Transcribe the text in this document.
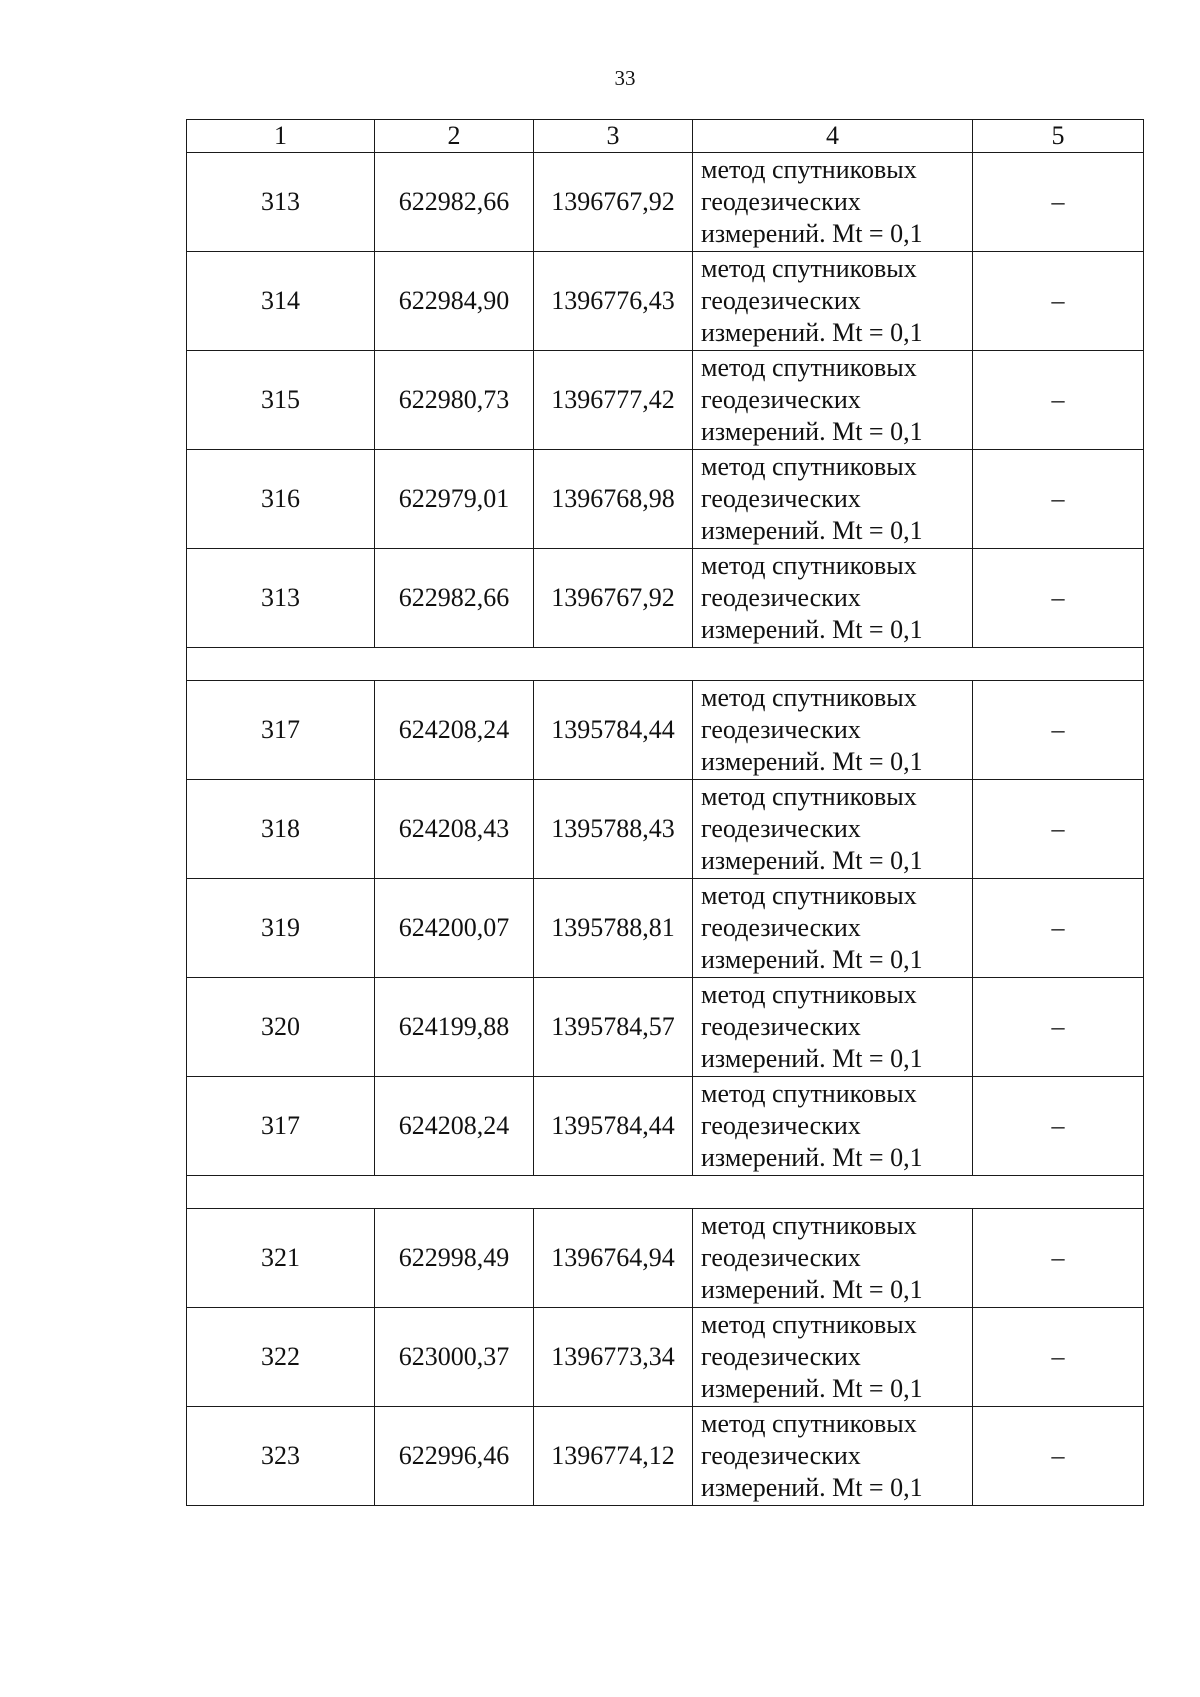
33
1	2	3	4	5
313	622982,66	1396767,92	метод спутниковых геодезических измерений. Mt = 0,1	–
314	622984,90	1396776,43	метод спутниковых геодезических измерений. Mt = 0,1	–
315	622980,73	1396777,42	метод спутниковых геодезических измерений. Mt = 0,1	–
316	622979,01	1396768,98	метод спутниковых геодезических измерений. Mt = 0,1	–
313	622982,66	1396767,92	метод спутниковых геодезических измерений. Mt = 0,1	–

317	624208,24	1395784,44	метод спутниковых геодезических измерений. Mt = 0,1	–
318	624208,43	1395788,43	метод спутниковых геодезических измерений. Mt = 0,1	–
319	624200,07	1395788,81	метод спутниковых геодезических измерений. Mt = 0,1	–
320	624199,88	1395784,57	метод спутниковых геодезических измерений. Mt = 0,1	–
317	624208,24	1395784,44	метод спутниковых геодезических измерений. Mt = 0,1	–

321	622998,49	1396764,94	метод спутниковых геодезических измерений. Mt = 0,1	–
322	623000,37	1396773,34	метод спутниковых геодезических измерений. Mt = 0,1	–
323	622996,46	1396774,12	метод спутниковых геодезических измерений. Mt = 0,1	–
